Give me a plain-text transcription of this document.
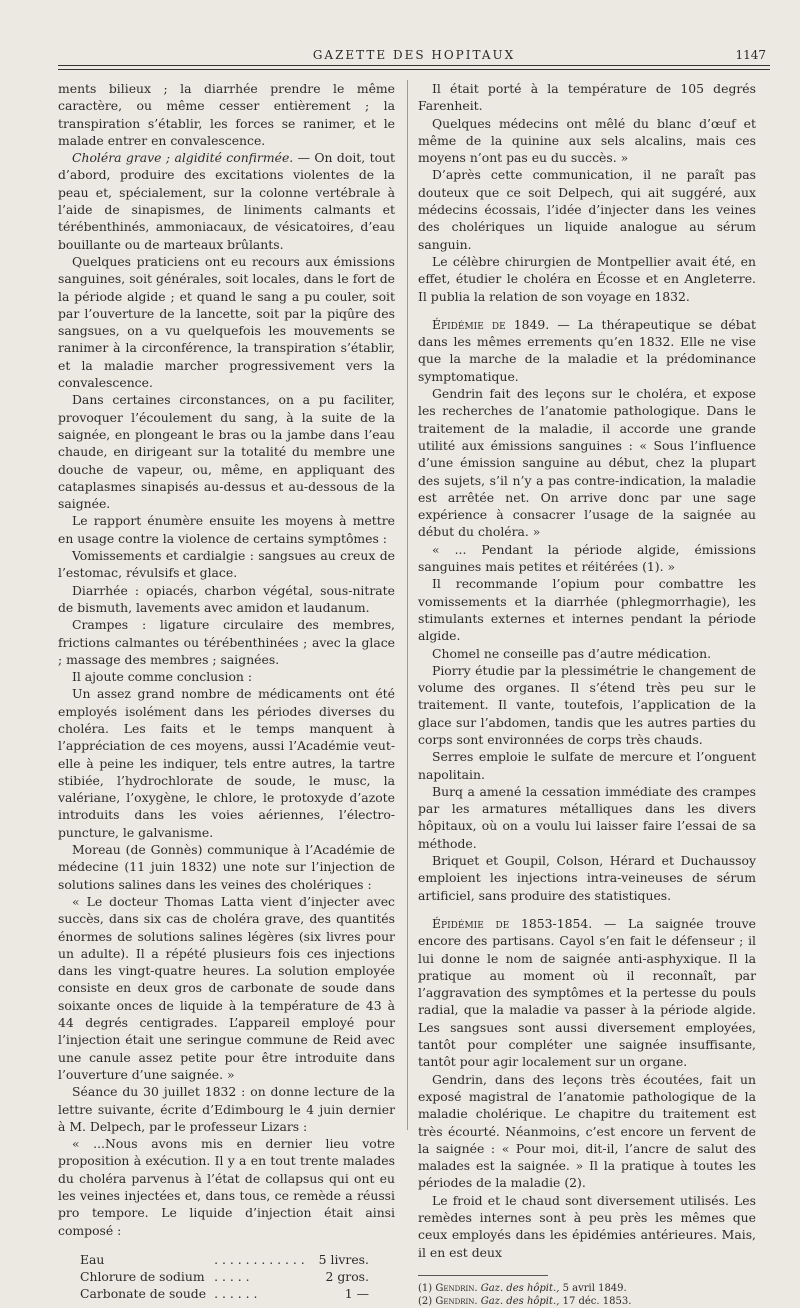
GAZETTE DES HOPITAUX	1147

ments bilieux ; la diarrhée prendre le même caractère, ou même cesser entièrement ; la transpiration s’établir, les forces se ranimer, et le malade entrer en convalescence.

Choléra grave ; algidité confirmée. — On doit, tout d’abord, produire des excitations violentes de la peau et, spécialement, sur la colonne vertébrale à l’aide de sinapismes, de liniments calmants et térébenthinés, ammoniacaux, de vésicatoires, d’eau bouillante ou de marteaux brûlants.

Quelques praticiens ont eu recours aux émissions sanguines, soit générales, soit locales, dans le fort de la période algide ; et quand le sang a pu couler, soit par l’ouverture de la lancette, soit par la piqûre des sangsues, on a vu quelquefois les mouvements se ranimer à la circonférence, la transpiration s’établir, et la maladie marcher progressivement vers la convalescence.

Dans certaines circonstances, on a pu faciliter, provoquer l’écoulement du sang, à la suite de la saignée, en plongeant le bras ou la jambe dans l’eau chaude, en dirigeant sur la totalité du membre une douche de vapeur, ou, même, en appliquant des cataplasmes sinapisés au-dessus et au-dessous de la saignée.

Le rapport énumère ensuite les moyens à mettre en usage contre la violence de certains symptômes :

Vomissements et cardialgie : sangsues au creux de l’estomac, révulsifs et glace.

Diarrhée : opiacés, charbon végétal, sous-nitrate de bismuth, lavements avec amidon et laudanum.

Crampes : ligature circulaire des membres, frictions calmantes ou térébenthinées ; avec la glace ; massage des membres ; saignées.

Il ajoute comme conclusion :

Un assez grand nombre de médicaments ont été employés isolément dans les périodes diverses du choléra. Les faits et le temps manquent à l’appréciation de ces moyens, aussi l’Académie veut-elle à peine les indiquer, tels entre autres, la tartre stibiée, l’hydrochlorate de soude, le musc, la valériane, l’oxygène, le chlore, le protoxyde d’azote introduits dans les voies aériennes, l’électro-puncture, le galvanisme.

Moreau (de Gonnès) communique à l’Académie de médecine (11 juin 1832) une note sur l’injection de solutions salines dans les veines des cholériques :

« Le docteur Thomas Latta vient d’injecter avec succès, dans six cas de choléra grave, des quantités énormes de solutions salines légères (six livres pour un adulte). Il a répété plusieurs fois ces injections dans les vingt-quatre heures. La solution employée consiste en deux gros de carbonate de soude dans soixante onces de liquide à la température de 43 à 44 degrés centigrades. L’appareil employé pour l’injection était une seringue commune de Reid avec une canule assez petite pour être introduite dans l’ouverture d’une saignée. »

Séance du 30 juillet 1832 : on donne lecture de la lettre suivante, écrite d’Edimbourg le 4 juin dernier à M. Delpech, par le professeur Lizars :

« ...Nous avons mis en dernier lieu votre proposition à exécution. Il y a en tout trente malades du choléra parvenus à l’état de collapsus qui ont eu les veines injectées et, dans tous, ce remède a réussi pro tempore. Le liquide d’injection était ainsi composé :

Eau	. . . . . . . . . . . .	5 livres.
Chlorure de sodium	. . . . .	2 gros.
Carbonate de soude	. . . . . .	1 —

Il était porté à la température de 105 degrés Farenheit.

Quelques médecins ont mêlé du blanc d’œuf et même de la quinine aux sels alcalins, mais ces moyens n’ont pas eu du succès. »

D’après cette communication, il ne paraît pas douteux que ce soit Delpech, qui ait suggéré, aux médecins écossais, l’idée d’injecter dans les veines des cholériques un liquide analogue au sérum sanguin.

Le célèbre chirurgien de Montpellier avait été, en effet, étudier le choléra en Écosse et en Angleterre. Il publia la relation de son voyage en 1832.

Épidémie de 1849. — La thérapeutique se débat dans les mêmes errements qu’en 1832. Elle ne vise que la marche de la maladie et la prédominance symptomatique.

Gendrin fait des leçons sur le choléra, et expose les recherches de l’anatomie pathologique. Dans le traitement de la maladie, il accorde une grande utilité aux émissions sanguines : « Sous l’influence d’une émission sanguine au début, chez la plupart des sujets, s’il n’y a pas contre-indication, la maladie est arrêtée net. On arrive donc par une sage expérience à consacrer l’usage de la saignée au début du choléra. »

« ... Pendant la période algide, émissions sanguines mais petites et réitérées (1). »

Il recommande l’opium pour combattre les vomissements et la diarrhée (phlegmorrhagie), les stimulants externes et internes pendant la période algide.

Chomel ne conseille pas d’autre médication.

Piorry étudie par la plessimétrie le changement de volume des organes. Il s’étend très peu sur le traitement. Il vante, toutefois, l’application de la glace sur l’abdomen, tandis que les autres parties du corps sont environnées de corps très chauds.

Serres emploie le sulfate de mercure et l’onguent napolitain.

Burq a amené la cessation immédiate des crampes par les armatures métalliques dans les divers hôpitaux, où on a voulu lui laisser faire l’essai de sa méthode.

Briquet et Goupil, Colson, Hérard et Duchaussoy emploient les injections intra-veineuses de sérum artificiel, sans produire des statistiques.

Épidémie de 1853-1854. — La saignée trouve encore des partisans. Cayol s’en fait le défenseur ; il lui donne le nom de saignée anti-asphyxique. Il la pratique au moment où il reconnaît, par l’aggravation des symptômes et la pertesse du pouls radial, que la maladie va passer à la période algide. Les sangsues sont aussi diversement employées, tantôt pour compléter une saignée insuffisante, tantôt pour agir localement sur un organe.

Gendrin, dans des leçons très écoutées, fait un exposé magistral de l’anatomie pathologique de la maladie cholérique. Le chapitre du traitement est très écourté. Néanmoins, c’est encore un fervent de la saignée : « Pour moi, dit-il, l’ancre de salut des malades est la saignée. » Il la pratique à toutes les périodes de la maladie (2).

Le froid et le chaud sont diversement utilisés. Les remèdes internes sont à peu près les mêmes que ceux employés dans les épidémies antérieures. Mais, il en est deux

(1) Gendrin. Gaz. des hôpit., 5 avril 1849.

(2) Gendrin. Gaz. des hôpit., 17 déc. 1853.
